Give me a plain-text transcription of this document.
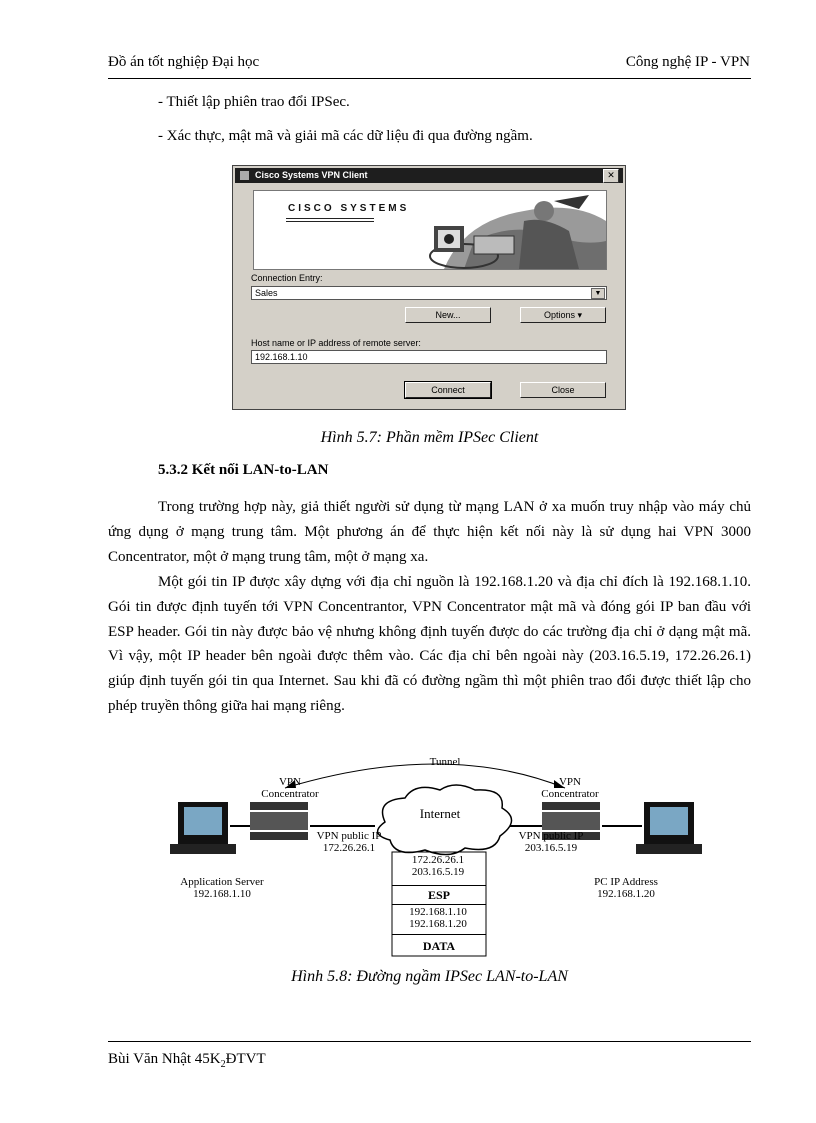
Đồ án tốt nghiệp Đại học	Công nghệ IP - VPN
- Thiết lập phiên trao đổi IPSec.
- Xác thực, mật mã và giải mã các dữ liệu đi qua đường ngầm.
Cisco Systems VPN Client	✕
CISCO SYSTEMS
Connection Entry:
Sales	▼
New...	Options ▾
Host name or IP address of remote server:
192.168.1.10
Connect	Close
Hình 5.7: Phần mềm IPSec Client
5.3.2 Kết nối LAN-to-LAN
Trong trường hợp này, giả thiết người sử dụng từ mạng LAN ở xa muốn truy nhập vào máy chủ ứng dụng ở mạng trung tâm. Một phương án để thực hiện kết nối này là sử dụng hai VPN 3000 Concentrator, một ở mạng trung tâm, một ở mạng xa.
Một gói tin IP được xây dựng với địa chỉ nguồn là 192.168.1.20 và địa chỉ đích là 192.168.1.10. Gói tin được định tuyến tới VPN Concentrantor, VPN Concentrator mật mã và đóng gói IP ban đầu với ESP header. Gói tin này được bảo vệ nhưng không định tuyến được do các trường địa chỉ ở dạng mật mã. Vì vậy, một IP header bên ngoài được thêm vào. Các địa chỉ bên ngoài này (203.16.5.19, 172.26.26.1) giúp định tuyến gói tin qua Internet. Sau khi đã có đường ngầm thì một phiên trao đổi được thiết lập cho phép truyền thông giữa hai mạng riêng.
Tunnel
VPN
Concentrator
VPN
Concentrator
Internet
VPN public IP
172.26.26.1
VPN public IP
203.16.5.19
Application Server
192.168.1.10
PC IP Address
192.168.1.20
172.26.26.1
203.16.5.19
ESP
192.168.1.10
192.168.1.20
DATA
Hình 5.8: Đường ngầm IPSec LAN-to-LAN
Bùi Văn Nhật $45K_2ĐTVT$
